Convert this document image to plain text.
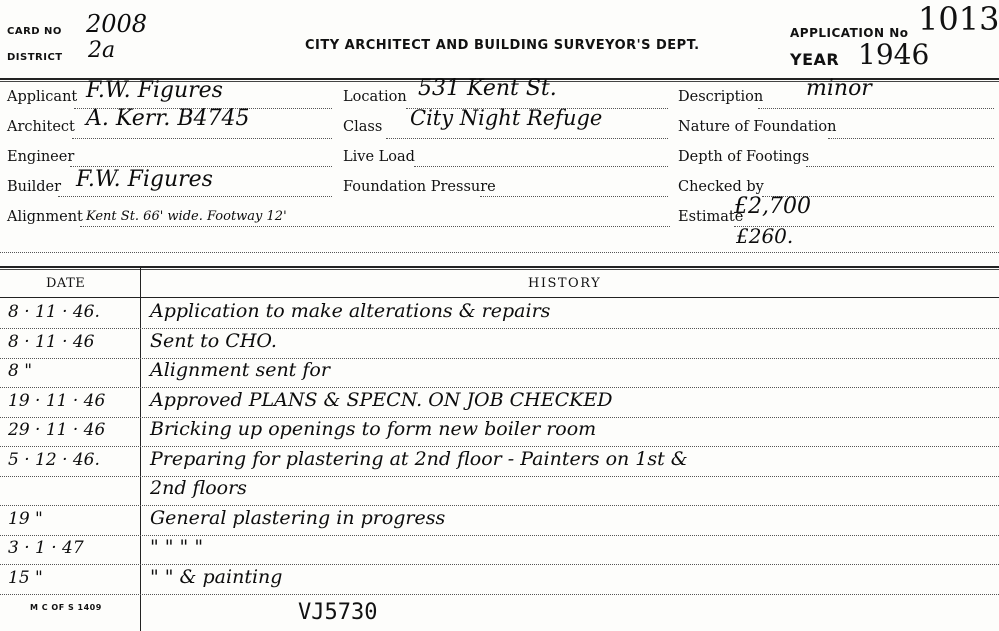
CARD NO 2008
DISTRICT 2a	CITY ARCHITECT AND BUILDING SURVEYOR'S DEPT.
APPLICATION No 1013
YEAR 1946
Applicant F.W. Figures
Architect A. Kerr. B4745
Engineer
Builder F.W. Figures
Alignment Kent St. 66' wide. Footway 12'
Location 531 Kent St.
Class City Night Refuge
Live Load
Foundation Pressure
Description minor
Nature of Foundation
Depth of Footings
Checked by
Estimate
£2,700
£260.
DATE	HISTORY
8 · 11 · 46.	Application to make alterations & repairs
8 · 11 · 46	Sent to CHO.
8 "	Alignment sent for
19 · 11 · 46 Approved PLANS & SPECN. ON JOB CHECKED
29 · 11 · 46 Bricking up openings to form new boiler room
5 · 12 · 46.	Preparing for plastering at 2nd floor - Painters on 1st &
2nd floors
19 "	General plastering in progress
3 · 1 · 47	" " " "
15 "	" " & painting
VJ5730
M C OF S 1409
